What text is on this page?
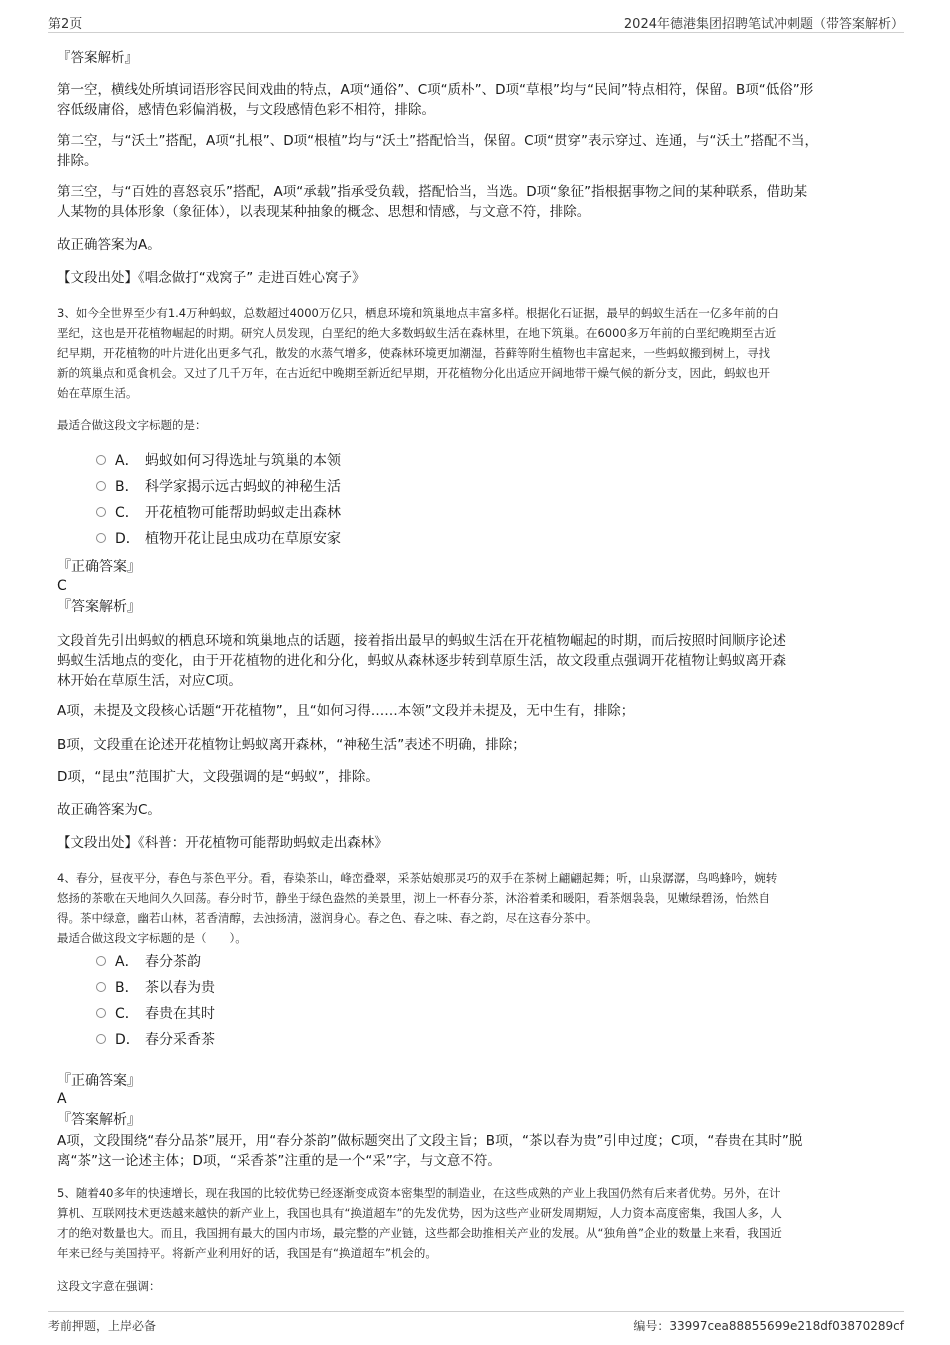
第2页	2024年德港集团招聘笔试冲刺题（带答案解析）
『答案解析』
第一空，横线处所填词语形容民间戏曲的特点，A项“通俗”、C项“质朴”、D项“草根”均与“民间”特点相符，保留。B项“低俗”形
容低级庸俗，感情色彩偏消极，与文段感情色彩不相符，排除。
第二空，与“沃土”搭配，A项“扎根”、D项“根植”均与“沃土”搭配恰当，保留。C项“贯穿”表示穿过、连通，与“沃土”搭配不当，
排除。
第三空，与“百姓的喜怒哀乐”搭配，A项“承载”指承受负载，搭配恰当，当选。D项“象征”指根据事物之间的某种联系，借助某
人某物的具体形象（象征体），以表现某种抽象的概念、思想和情感，与文意不符，排除。
故正确答案为A。
【文段出处】《唱念做打“戏窝子” 走进百姓心窝子》
3、如今全世界至少有1.4万种蚂蚁，总数超过4000万亿只，栖息环境和筑巢地点丰富多样。根据化石证据，最早的蚂蚁生活在一亿多年前的白
垩纪，这也是开花植物崛起的时期。研究人员发现，白垩纪的绝大多数蚂蚁生活在森林里，在地下筑巢。在6000多万年前的白垩纪晚期至古近
纪早期，开花植物的叶片进化出更多气孔，散发的水蒸气增多，使森林环境更加潮湿，苔藓等附生植物也丰富起来，一些蚂蚁搬到树上，寻找
新的筑巢点和觅食机会。又过了几千万年，在古近纪中晚期至新近纪早期，开花植物分化出适应开阔地带干燥气候的新分支，因此，蚂蚁也开
始在草原生活。
最适合做这段文字标题的是：
A． 蚂蚁如何习得选址与筑巢的本领
B． 科学家揭示远古蚂蚁的神秘生活
C． 开花植物可能帮助蚂蚁走出森林
D． 植物开花让昆虫成功在草原安家
『正确答案』
C
『答案解析』
文段首先引出蚂蚁的栖息环境和筑巢地点的话题，接着指出最早的蚂蚁生活在开花植物崛起的时期，而后按照时间顺序论述
蚂蚁生活地点的变化，由于开花植物的进化和分化，蚂蚁从森林逐步转到草原生活，故文段重点强调开花植物让蚂蚁离开森
林开始在草原生活，对应C项。
A项，未提及文段核心话题“开花植物”，且“如何习得……本领”文段并未提及，无中生有，排除；
B项，文段重在论述开花植物让蚂蚁离开森林，“神秘生活”表述不明确，排除；
D项，“昆虫”范围扩大，文段强调的是“蚂蚁”，排除。
故正确答案为C。
【文段出处】《科普：开花植物可能帮助蚂蚁走出森林》
4、春分，昼夜平分，春色与茶色平分。看，春染茶山，峰峦叠翠，采茶姑娘那灵巧的双手在茶树上翩翩起舞；听，山泉潺潺，鸟鸣蜂吟，婉转
悠扬的茶歌在天地间久久回荡。春分时节，静坐于绿色盎然的美景里，沏上一杯春分茶，沐浴着柔和暖阳，看茶烟袅袅，见嫩绿碧汤，怡然自
得。茶中绿意，幽若山林，茗香清醇，去浊扬清，滋润身心。春之色、春之味、春之韵，尽在这春分茶中。
最适合做这段文字标题的是（　　）。
A． 春分茶韵
B． 茶以春为贵
C． 春贵在其时
D． 春分采香茶
『正确答案』
A
『答案解析』
A项，文段围绕“春分品茶”展开，用“春分茶韵”做标题突出了文段主旨；B项，“茶以春为贵”引申过度；C项，“春贵在其时”脱
离“茶”这一论述主体；D项，“采香茶”注重的是一个“采”字，与文意不符。
5、随着40多年的快速增长，现在我国的比较优势已经逐渐变成资本密集型的制造业，在这些成熟的产业上我国仍然有后来者优势。另外，在计
算机、互联网技术更迭越来越快的新产业上，我国也具有“换道超车”的先发优势，因为这些产业研发周期短，人力资本高度密集，我国人多，人
才的绝对数量也大。而且，我国拥有最大的国内市场，最完整的产业链，这些都会助推相关产业的发展。从“独角兽”企业的数量上来看，我国近
年来已经与美国持平。将新产业利用好的话，我国是有“换道超车”机会的。
这段文字意在强调：
考前押题，上岸必备	编号：33997cea88855699e218df03870289cf
